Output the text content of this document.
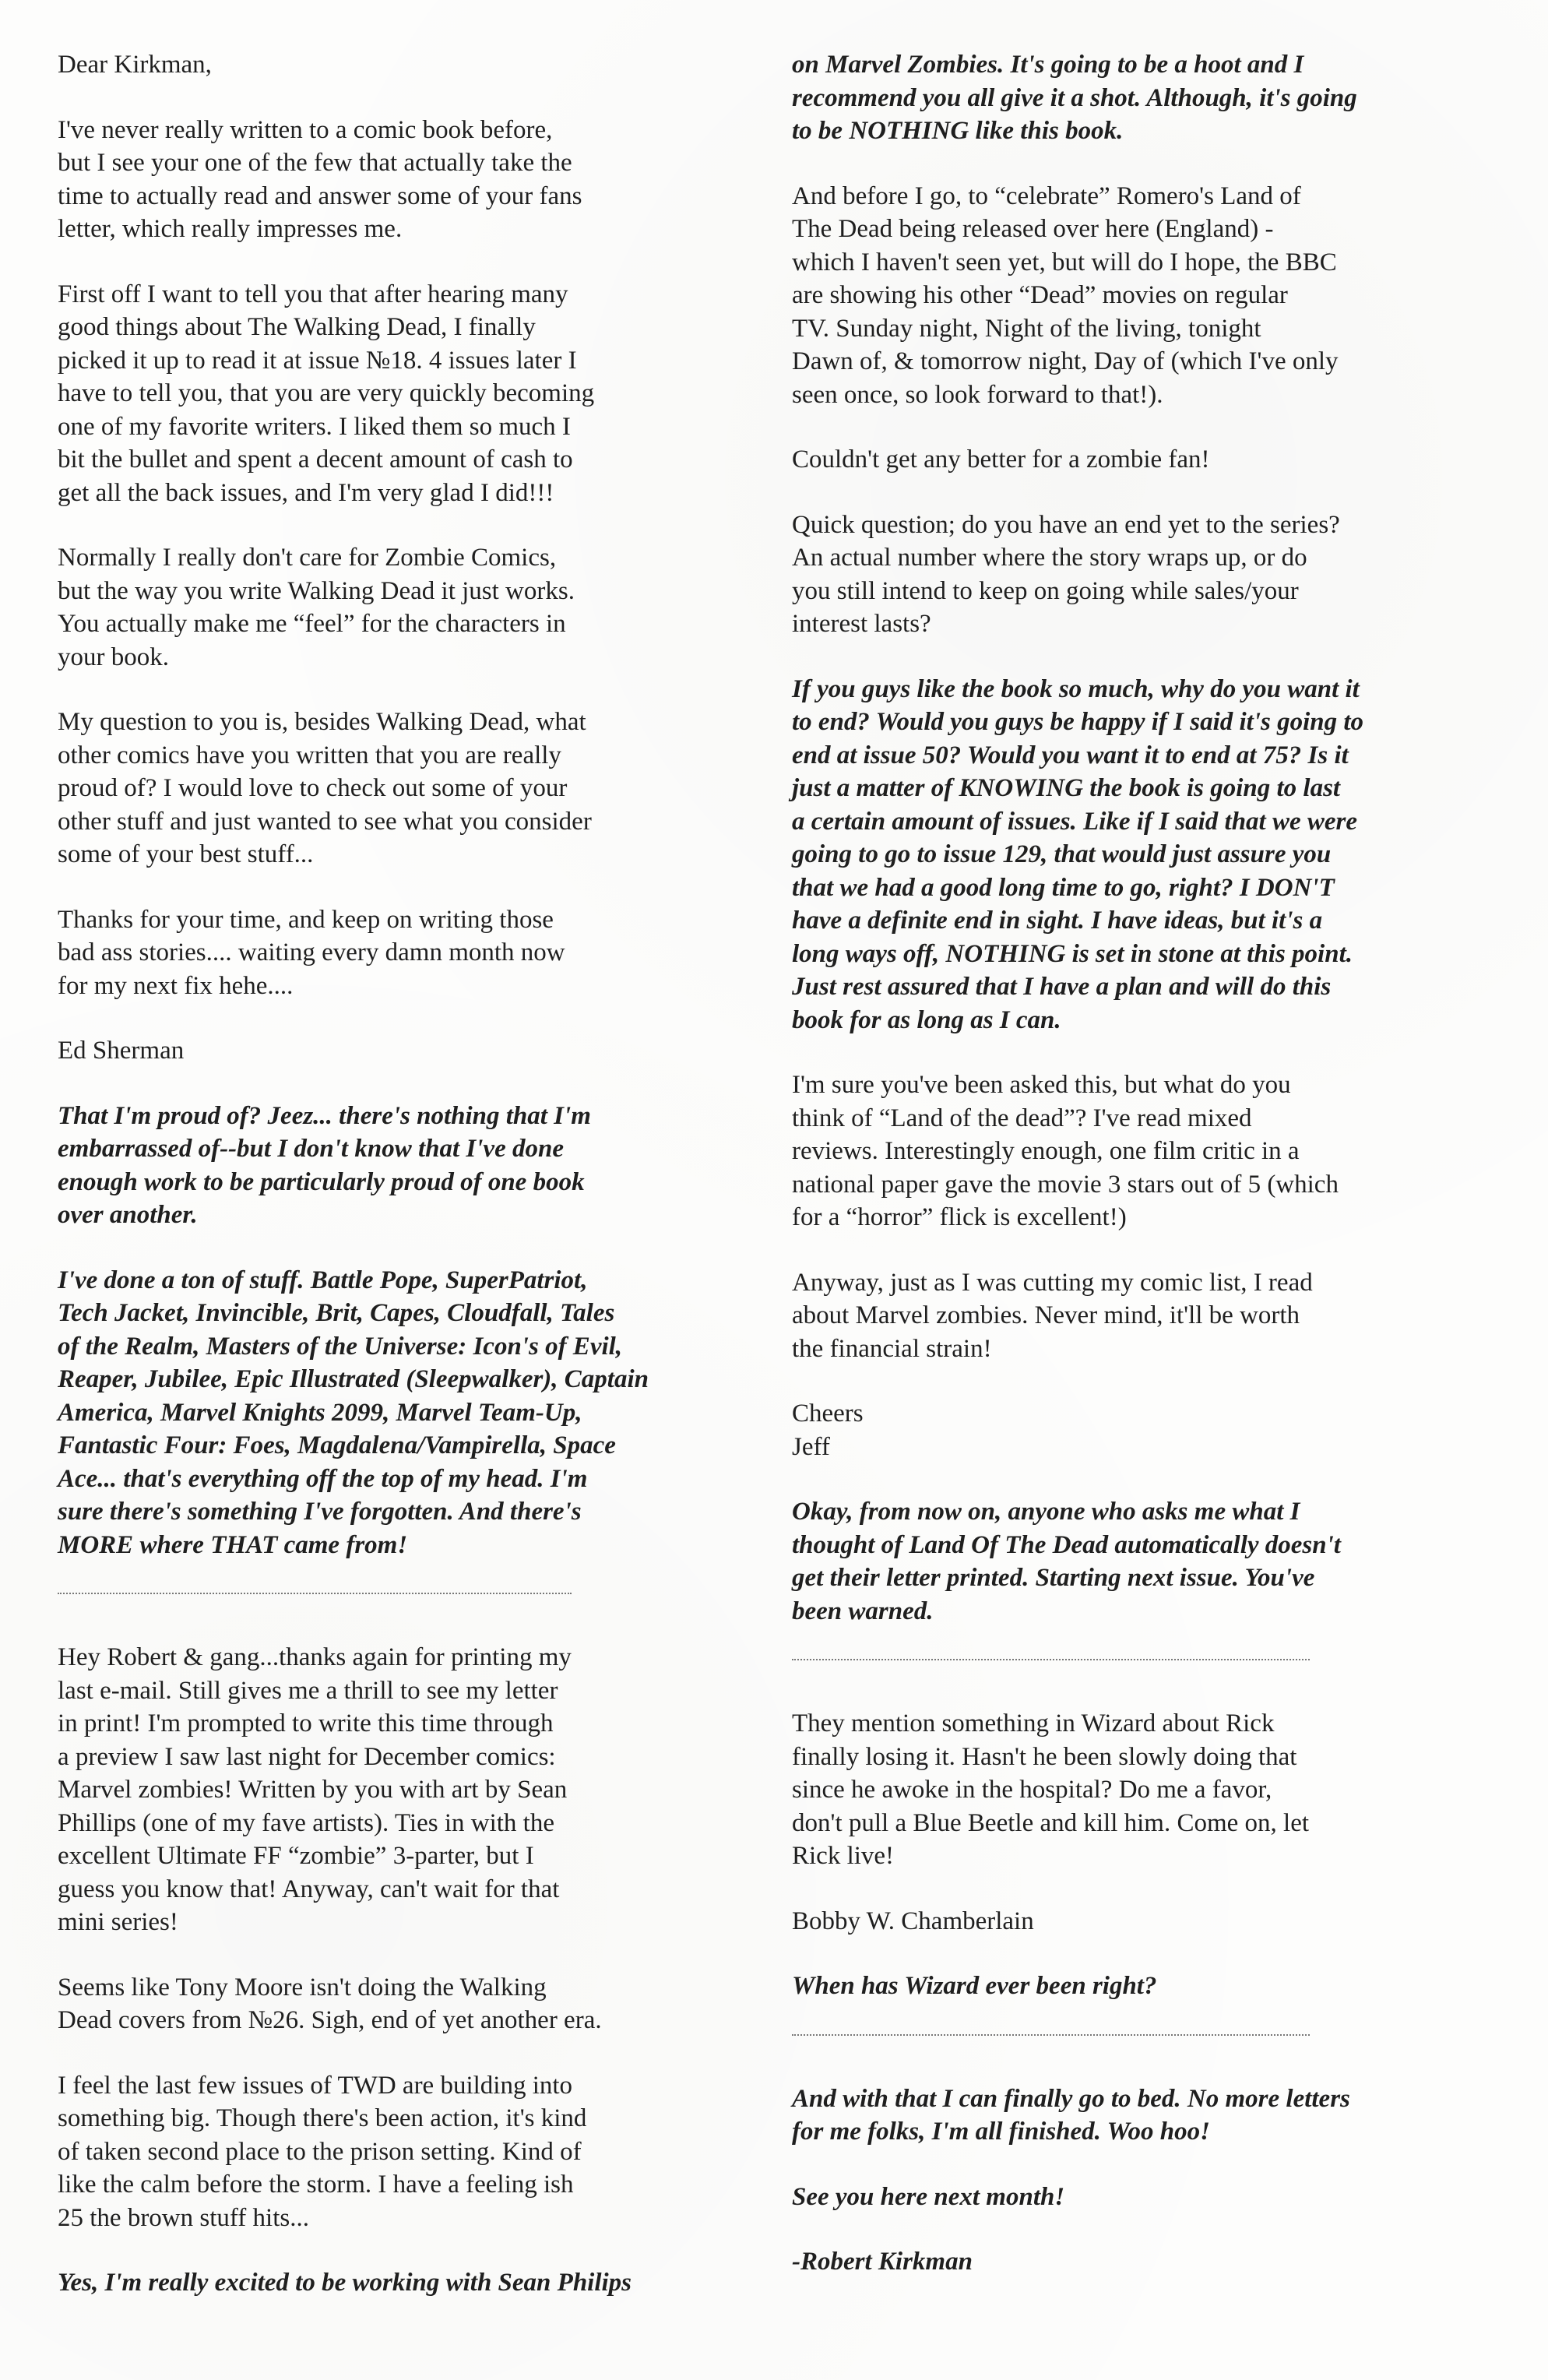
Dear Kirkman,

I've never really written to a comic book before,
but I see your one of the few that actually take the
time to actually read and answer some of your fans
letter, which really impresses me.

First off I want to tell you that after hearing many
good things about The Walking Dead, I finally
picked it up to read it at issue №18. 4 issues later I
have to tell you, that you are very quickly becoming
one of my favorite writers. I liked them so much I
bit the bullet and spent a decent amount of cash to
get all the back issues, and I'm very glad I did!!!

Normally I really don't care for Zombie Comics,
but the way you write Walking Dead it just works.
You actually make me “feel” for the characters in
your book.

My question to you is, besides Walking Dead, what
other comics have you written that you are really
proud of? I would love to check out some of your
other stuff and just wanted to see what you consider
some of your best stuff...

Thanks for your time, and keep on writing those
bad ass stories.... waiting every damn month now
for my next fix hehe....

Ed Sherman

That I'm proud of? Jeez... there's nothing that I'm
embarrassed of--but I don't know that I've done
enough work to be particularly proud of one book
over another.

I've done a ton of stuff. Battle Pope, SuperPatriot,
Tech Jacket, Invincible, Brit, Capes, Cloudfall, Tales
of the Realm, Masters of the Universe: Icon's of Evil,
Reaper, Jubilee, Epic Illustrated (Sleepwalker), Captain
America, Marvel Knights 2099, Marvel Team-Up,
Fantastic Four: Foes, Magdalena/Vampirella, Space
Ace... that's everything off the top of my head. I'm
sure there's something I've forgotten. And there's
MORE where THAT came from!

Hey Robert & gang...thanks again for printing my
last e-mail. Still gives me a thrill to see my letter
in print! I'm prompted to write this time through
a preview I saw last night for December comics:
Marvel zombies! Written by you with art by Sean
Phillips (one of my fave artists). Ties in with the
excellent Ultimate FF “zombie” 3-parter, but I
guess you know that! Anyway, can't wait for that
mini series!

Seems like Tony Moore isn't doing the Walking
Dead covers from №26. Sigh, end of yet another era.

I feel the last few issues of TWD are building into
something big. Though there's been action, it's kind
of taken second place to the prison setting. Kind of
like the calm before the storm. I have a feeling ish
25 the brown stuff hits...

Yes, I'm really excited to be working with Sean Philips

on Marvel Zombies. It's going to be a hoot and I
recommend you all give it a shot. Although, it's going
to be NOTHING like this book.

And before I go, to “celebrate” Romero's Land of
The Dead being released over here (England) -
which I haven't seen yet, but will do I hope, the BBC
are showing his other “Dead” movies on regular
TV. Sunday night, Night of the living, tonight
Dawn of, & tomorrow night, Day of (which I've only
seen once, so look forward to that!).

Couldn't get any better for a zombie fan!

Quick question; do you have an end yet to the series?
An actual number where the story wraps up, or do
you still intend to keep on going while sales/your
interest lasts?

If you guys like the book so much, why do you want it
to end? Would you guys be happy if I said it's going to
end at issue 50? Would you want it to end at 75? Is it
just a matter of KNOWING the book is going to last
a certain amount of issues. Like if I said that we were
going to go to issue 129, that would just assure you
that we had a good long time to go, right? I DON'T
have a definite end in sight. I have ideas, but it's a
long ways off, NOTHING is set in stone at this point.
Just rest assured that I have a plan and will do this
book for as long as I can.

I'm sure you've been asked this, but what do you
think of “Land of the dead”? I've read mixed
reviews. Interestingly enough, one film critic in a
national paper gave the movie 3 stars out of 5 (which
for a “horror” flick is excellent!)

Anyway, just as I was cutting my comic list, I read
about Marvel zombies. Never mind, it'll be worth
the financial strain!

Cheers
Jeff

Okay, from now on, anyone who asks me what I
thought of Land Of The Dead automatically doesn't
get their letter printed. Starting next issue. You've
been warned.

They mention something in Wizard about Rick
finally losing it. Hasn't he been slowly doing that
since he awoke in the hospital? Do me a favor,
don't pull a Blue Beetle and kill him. Come on, let
Rick live!

Bobby W. Chamberlain

When has Wizard ever been right?

And with that I can finally go to bed. No more letters
for me folks, I'm all finished. Woo hoo!

See you here next month!

-Robert Kirkman
